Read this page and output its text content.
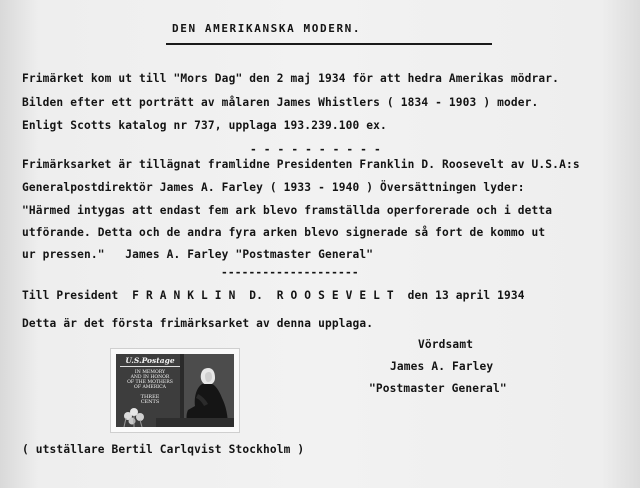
DEN AMERIKANSKA MODERN.
Frimärket kom ut till "Mors Dag" den 2 maj 1934 för att hedra Amerikas mödrar.
Bilden efter ett porträtt av målaren James Whistlers ( 1834 - 1903 ) moder.
Enligt Scotts katalog nr 737, upplaga 193.239.100 ex.
- - - - - - - - - -
Frimärksarket är tillägnat framlidne Presidenten Franklin D. Roosevelt av U.S.A:s
Generalpostdirektör James A. Farley ( 1933 - 1940 ) Översättningen lyder:
"Härmed intygas att endast fem ark blevo framställda operforerade och i detta
utförande. Detta och de andra fyra arken blevo signerade så fort de kommo ut
ur pressen."   James A. Farley "Postmaster General"
--------------------
Till President  F R A N K L I N  D.  R O O S E V E L T  den 13 april 1934
Detta är det första frimärksarket av denna upplaga.
Vördsamt
James A. Farley
"Postmaster General"
U.S.Postage
IN MEMORY
AND IN HONOR
OF THE MOTHERS
OF AMERICA
THREE
CENTS
( utställare Bertil Carlqvist Stockholm )
